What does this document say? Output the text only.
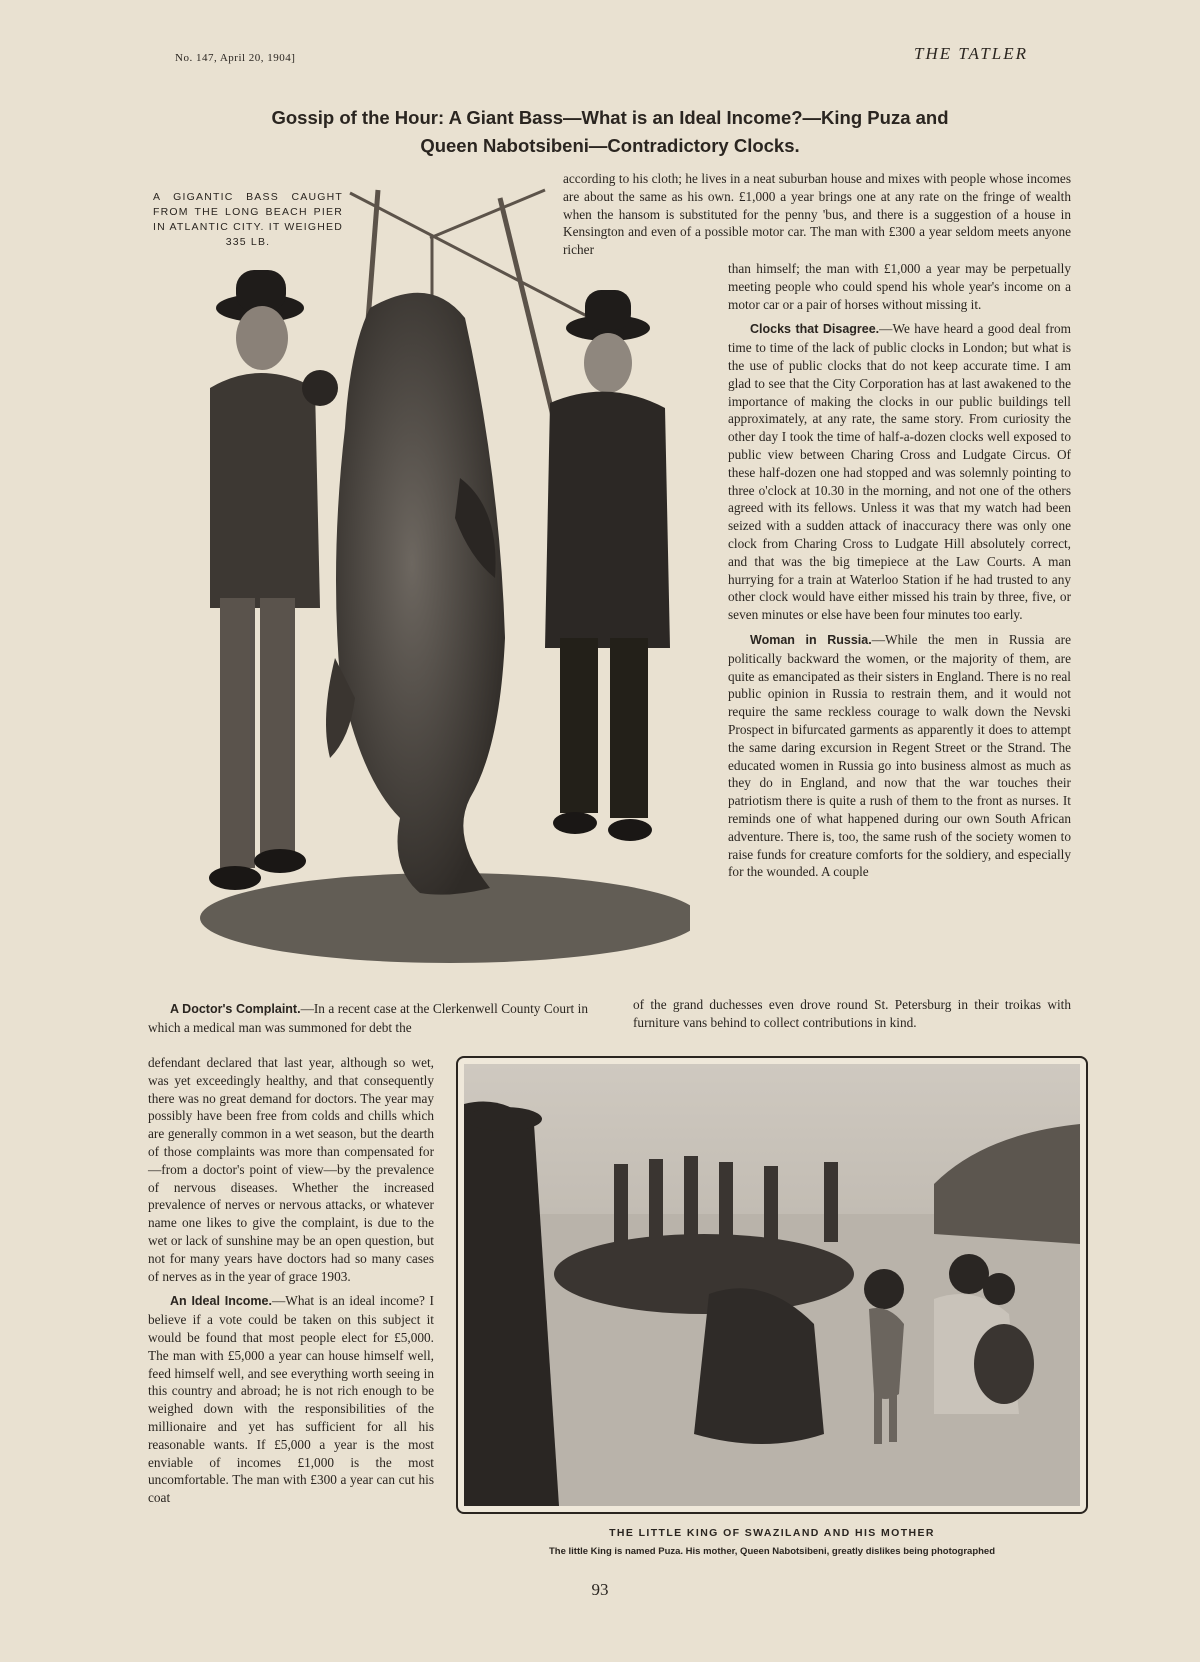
No. 147, April 20, 1904]	THE TATLER
Gossip of the Hour: A Giant Bass—What is an Ideal Income?—King Puza and
Queen Nabotsibeni—Contradictory Clocks.
A GIGANTIC BASS CAUGHT FROM THE LONG BEACH PIER IN ATLANTIC CITY. IT WEIGHED 335 LB.

according to his cloth; he lives in a neat suburban house and mixes with people whose incomes are about the same as his own. £1,000 a year brings one at any rate on the fringe of wealth when the hansom is substituted for the penny 'bus, and there is a suggestion of a house in Kensington and even of a possible motor car. The man with £300 a year seldom meets anyone richer

than himself; the man with £1,000 a year may be perpetually meeting people who could spend his whole year's income on a motor car or a pair of horses without missing it.

Clocks that Disagree.—We have heard a good deal from time to time of the lack of public clocks in London; but what is the use of public clocks that do not keep accurate time. I am glad to see that the City Corporation has at last awakened to the importance of making the clocks in our public buildings tell approximately, at any rate, the same story. From curiosity the other day I took the time of half-a-dozen clocks well exposed to public view between Charing Cross and Ludgate Circus. Of these half-dozen one had stopped and was solemnly pointing to three o'clock at 10.30 in the morning, and not one of the others agreed with its fellows. Unless it was that my watch had been seized with a sudden attack of inaccuracy there was only one clock from Charing Cross to Ludgate Hill absolutely correct, and that was the big timepiece at the Law Courts. A man hurrying for a train at Waterloo Station if he had trusted to any other clock would have either missed his train by three, five, or seven minutes or else have been four minutes too early.

Woman in Russia.—While the men in Russia are politically backward the women, or the majority of them, are quite as emancipated as their sisters in England. There is no real public opinion in Russia to restrain them, and it would not require the same reckless courage to walk down the Nevski Prospect in bifurcated garments as apparently it does to attempt the same daring excursion in Regent Street or the Strand. The educated women in Russia go into business almost as much as they do in England, and now that the war touches their patriotism there is quite a rush of them to the front as nurses. It reminds one of what happened during our own South African adventure. There is, too, the same rush of the society women to raise funds for creature comforts for the soldiery, and especially for the wounded. A couple

of the grand duchesses even drove round St. Petersburg in their troikas with furniture vans behind to collect contributions in kind.

A Doctor's Complaint.—In a recent case at the Clerkenwell County Court in which a medical man was summoned for debt the

defendant declared that last year, although so wet, was yet exceedingly healthy, and that consequently there was no great demand for doctors. The year may possibly have been free from colds and chills which are generally common in a wet season, but the dearth of those complaints was more than compensated for—from a doctor's point of view—by the prevalence of nervous diseases. Whether the increased prevalence of nerves or nervous attacks, or whatever name one likes to give the complaint, is due to the wet or lack of sunshine may be an open question, but not for many years have doctors had so many cases of nerves as in the year of grace 1903.

An Ideal Income.—What is an ideal income? I believe if a vote could be taken on this subject it would be found that most people elect for £5,000. The man with £5,000 a year can house himself well, feed himself well, and see everything worth seeing in this country and abroad; he is not rich enough to be weighed down with the responsibilities of the millionaire and yet has sufficient for all his reasonable wants. If £5,000 a year is the most enviable of incomes £1,000 is the most uncomfortable. The man with £300 a year can cut his coat

THE LITTLE KING OF SWAZILAND AND HIS MOTHER
The little King is named Puza. His mother, Queen Nabotsibeni, greatly dislikes being photographed
93
